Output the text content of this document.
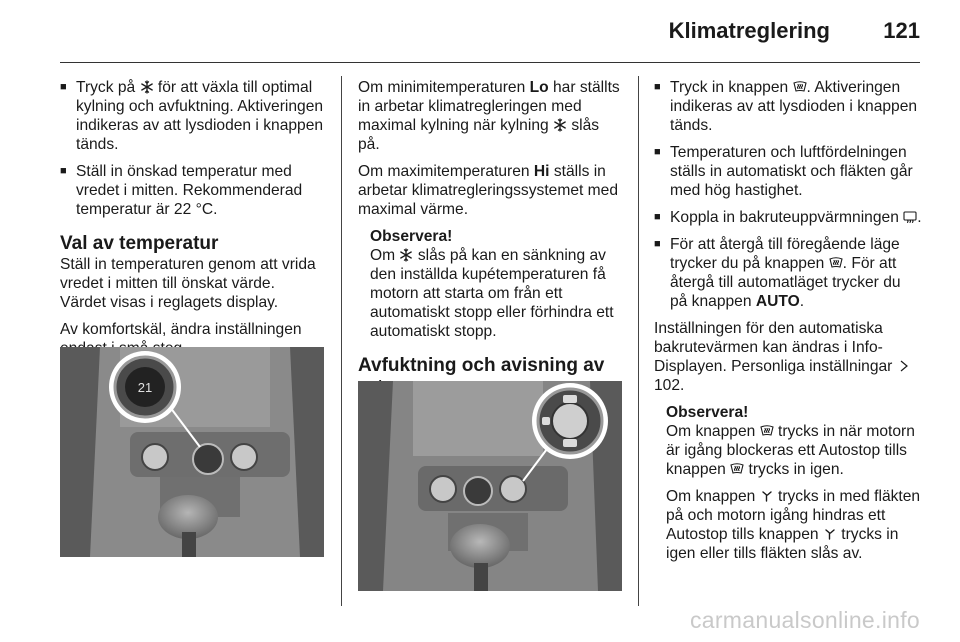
Klimatreglering 121
■ Tryck på för att växla till optimal kylning och avfuktning. Aktiveringen indikeras av att lysdioden i knappen tänds.
■ Ställ in önskad temperatur med vredet i mitten. Rekommenderad temperatur är 22 °C.
Val av temperatur

Ställ in temperaturen genom att vrida vredet i mitten till önskat värde. Värdet visas i reglagets display.

Av komfortskäl, ändra inställningen

21

Om minimitemperaturen Lo har ställts in arbetar klimatregleringen med maximal kylning när kylning slås på.

Om maximitemperaturen Hi ställs in arbetar klimatregleringssystemet med maximal värme.

Observera!
Om slås på kan en sänkning av den inställda kupétemperaturen få motorn att starta om från ett automatiskt stopp eller förhindra ett automatiskt stopp.
Avfuktning och avisning av

■ Tryck in knappen . Aktiveringen indikeras av att lysdioden i knappen tänds.
■ Temperaturen och luftfördelningen ställs in automatiskt och fläkten går med hög hastighet.
■ Koppla in bakruteuppvärmningen .
■ För att återgå till föregående läge trycker du på knappen . För att återgå till automatläget trycker du på knappen AUTO.

Inställningen för den automatiska bakrutevärmen kan ändras i Info-Displayen. Personliga inställningar
102.

Observera!

Om knappen trycks in när motorn är igång blockeras ett Autostop tills knappen trycks in igen.

Om knappen trycks in med fläkten på och motorn igång hindras ett Autostop tills knappen trycks in igen eller tills fläkten slås av.

carmanualsonline.info
